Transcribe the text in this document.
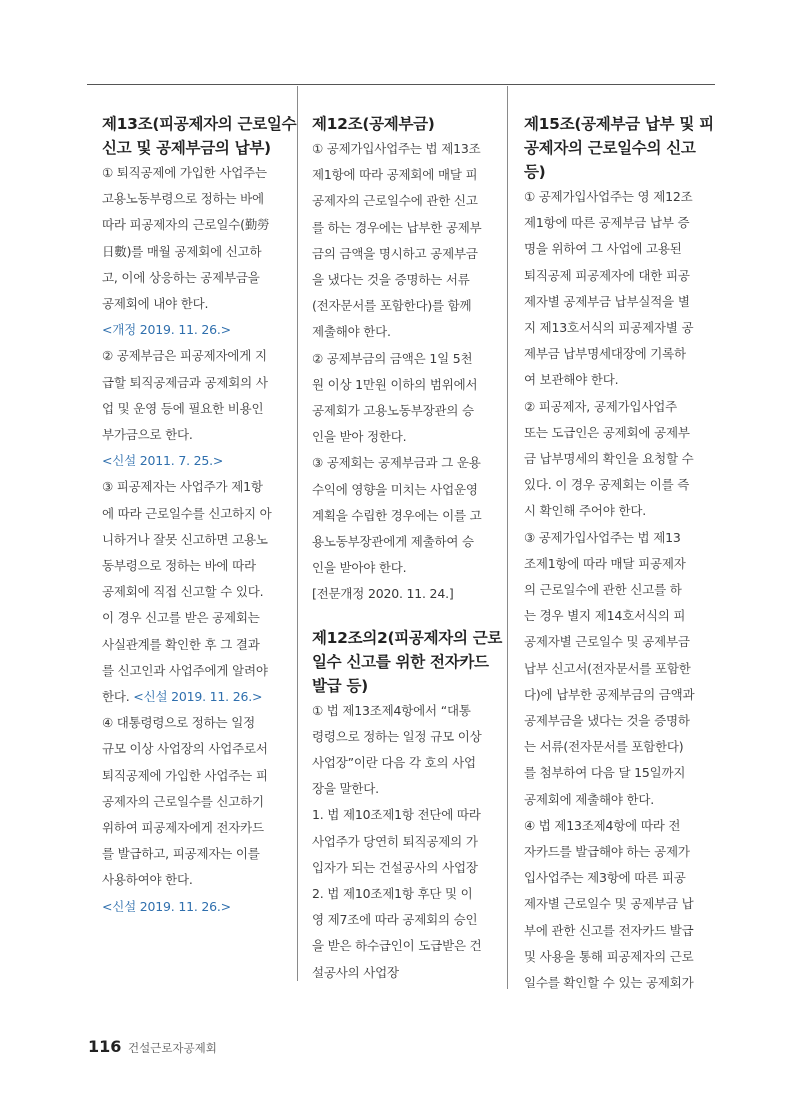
제13조(피공제자의 근로일수
신고 및 공제부금의 납부)

① 퇴직공제에 가입한 사업주는

고용노동부령으로 정하는 바에

따라 피공제자의 근로일수(勤勞

日數)를 매월 공제회에 신고하

고, 이에 상응하는 공제부금을

공제회에 내야 한다.

<개정 2019. 11. 26.>

② 공제부금은 피공제자에게 지

급할 퇴직공제금과 공제회의 사

업 및 운영 등에 필요한 비용인

부가금으로 한다.

<신설 2011. 7. 25.>

③ 피공제자는 사업주가 제1항

에 따라 근로일수를 신고하지 아

니하거나 잘못 신고하면 고용노

동부령으로 정하는 바에 따라

공제회에 직접 신고할 수 있다.

이 경우 신고를 받은 공제회는

사실관계를 확인한 후 그 결과

를 신고인과 사업주에게 알려야

한다. <신설 2019. 11. 26.>

④ 대통령령으로 정하는 일정

규모 이상 사업장의 사업주로서

퇴직공제에 가입한 사업주는 피

공제자의 근로일수를 신고하기

위하여 피공제자에게 전자카드

를 발급하고, 피공제자는 이를

사용하여야 한다.

<신설 2019. 11. 26.>

제12조(공제부금)

① 공제가입사업주는 법 제13조

제1항에 따라 공제회에 매달 피

공제자의 근로일수에 관한 신고

를 하는 경우에는 납부한 공제부

금의 금액을 명시하고 공제부금

을 냈다는 것을 증명하는 서류

(전자문서를 포함한다)를 함께

제출해야 한다.

② 공제부금의 금액은 1일 5천

원 이상 1만원 이하의 범위에서

공제회가 고용노동부장관의 승

인을 받아 정한다.

③ 공제회는 공제부금과 그 운용

수익에 영향을 미치는 사업운영

계획을 수립한 경우에는 이를 고

용노동부장관에게 제출하여 승

인을 받아야 한다.

[전문개정 2020. 11. 24.]

제12조의2(피공제자의 근로
일수 신고를 위한 전자카드
발급 등)

① 법 제13조제4항에서 “대통

령령으로 정하는 일정 규모 이상

사업장”이란 다음 각 호의 사업

장을 말한다.

1. 법 제10조제1항 전단에 따라

사업주가 당연히 퇴직공제의 가

입자가 되는 건설공사의 사업장

2. 법 제10조제1항 후단 및 이

영 제7조에 따라 공제회의 승인

을 받은 하수급인이 도급받은 건

설공사의 사업장

제15조(공제부금 납부 및 피
공제자의 근로일수의 신고
등)

① 공제가입사업주는 영 제12조

제1항에 따른 공제부금 납부 증

명을 위하여 그 사업에 고용된

퇴직공제 피공제자에 대한 피공

제자별 공제부금 납부실적을 별

지 제13호서식의 피공제자별 공

제부금 납부명세대장에 기록하

여 보관해야 한다.

② 피공제자, 공제가입사업주

또는 도급인은 공제회에 공제부

금 납부명세의 확인을 요청할 수

있다. 이 경우 공제회는 이를 즉

시 확인해 주어야 한다.

③ 공제가입사업주는 법 제13

조제1항에 따라 매달 피공제자

의 근로일수에 관한 신고를 하

는 경우 별지 제14호서식의 피

공제자별 근로일수 및 공제부금

납부 신고서(전자문서를 포함한

다)에 납부한 공제부금의 금액과

공제부금을 냈다는 것을 증명하

는 서류(전자문서를 포함한다)

를 첨부하여 다음 달 15일까지

공제회에 제출해야 한다.

④ 법 제13조제4항에 따라 전

자카드를 발급해야 하는 공제가

입사업주는 제3항에 따른 피공

제자별 근로일수 및 공제부금 납

부에 관한 신고를 전자카드 발급

및 사용을 통해 피공제자의 근로

일수를 확인할 수 있는 공제회가

116 건설근로자공제회
